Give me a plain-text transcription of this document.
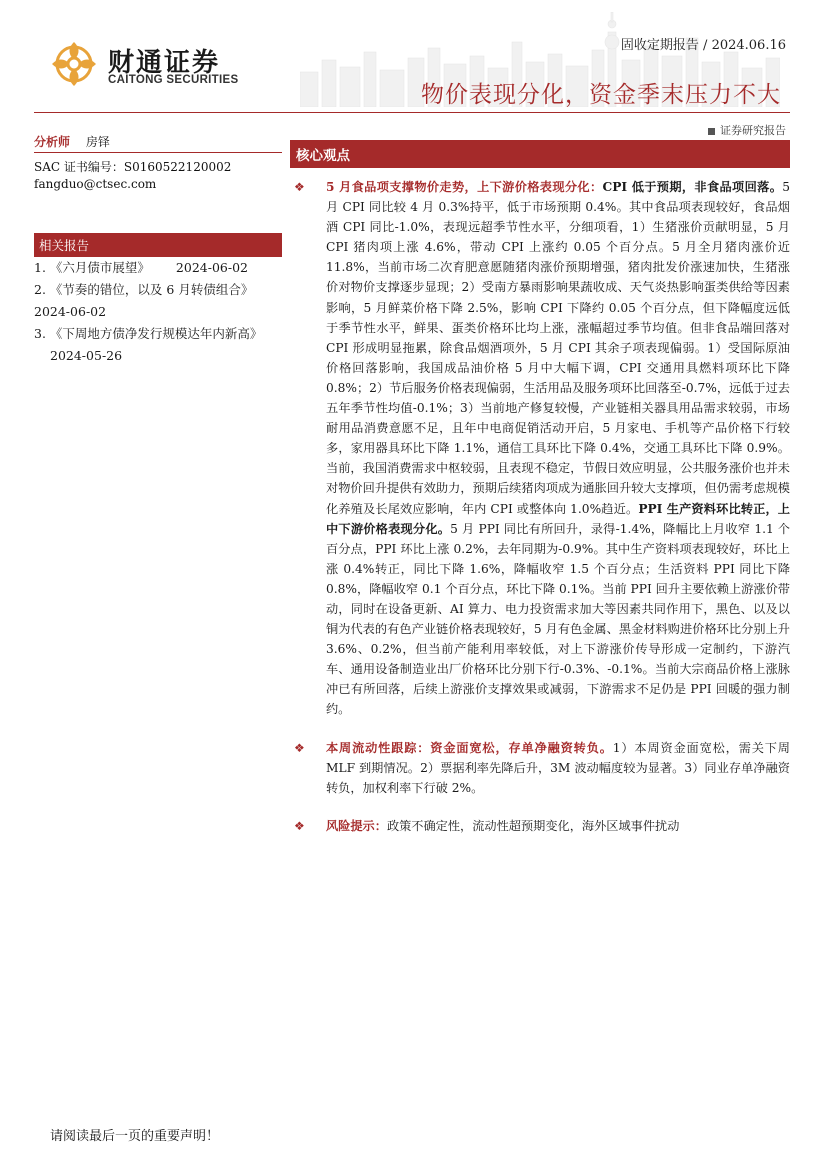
财通证券
CAITONG SECURITIES
固收定期报告 / 2024.06.16
物价表现分化，资金季末压力不大
证券研究报告
分析师 房铎
SAC 证书编号：S0160522120002
fangduo@ctsec.com
相关报告
1. 《六月债市展望》 2024-06-02
2. 《节奏的错位，以及 6 月转债组合》
2024-06-02
3. 《下周地方债净发行规模达年内新高》 2024-05-26
核心观点
❖ 5 月食品项支撑物价走势，上下游价格表现分化：CPI 低于预期，非食品项回落。5 月 CPI 同比较 4 月 0.3%持平，低于市场预期 0.4%。其中食品项表现较好，食品烟酒 CPI 同比-1.0%，表现远超季节性水平，分细项看，1）生猪涨价贡献明显，5 月 CPI 猪肉项上涨 4.6%，带动 CPI 上涨约 0.05 个百分点。5 月全月猪肉涨价近 11.8%，当前市场二次育肥意愿随猪肉涨价预期增强，猪肉批发价涨速加快，生猪涨价对物价支撑逐步显现；2）受南方暴雨影响果蔬收成、天气炎热影响蛋类供给等因素影响，5 月鲜菜价格下降 2.5%，影响 CPI 下降约 0.05 个百分点，但下降幅度远低于季节性水平，鲜果、蛋类价格环比均上涨，涨幅超过季节均值。但非食品端回落对 CPI 形成明显拖累，除食品烟酒项外，5 月 CPI 其余子项表现偏弱。1）受国际原油价格回落影响，我国成品油价格 5 月中大幅下调，CPI 交通用具燃料项环比下降 0.8%；2）节后服务价格表现偏弱，生活用品及服务项环比回落至-0.7%，远低于过去五年季节性均值-0.1%；3）当前地产修复较慢，产业链相关器具用品需求较弱，市场耐用品消费意愿不足，且年中电商促销活动开启，5 月家电、手机等产品价格下行较多，家用器具环比下降 1.1%，通信工具环比下降 0.4%，交通工具环比下降 0.9%。当前，我国消费需求中枢较弱，且表现不稳定，节假日效应明显，公共服务涨价也并未对物价回升提供有效助力，预期后续猪肉项成为通胀回升较大支撑项，但仍需考虑规模化养殖及长尾效应影响，年内 CPI 或整体向 1.0%趋近。PPI 生产资料环比转正，上中下游价格表现分化。5 月 PPI 同比有所回升，录得-1.4%，降幅比上月收窄 1.1 个百分点，PPI 环比上涨 0.2%，去年同期为-0.9%。其中生产资料项表现较好，环比上涨 0.4%转正，同比下降 1.6%，降幅收窄 1.5 个百分点；生活资料 PPI 同比下降 0.8%，降幅收窄 0.1 个百分点，环比下降 0.1%。当前 PPI 回升主要依赖上游涨价带动，同时在设备更新、AI 算力、电力投资需求加大等因素共同作用下，黑色、以及以铜为代表的有色产业链价格表现较好，5 月有色金属、黑金材料购进价格环比分别上升 3.6%、0.2%，但当前产能利用率较低，对上下游涨价传导形成一定制约，下游汽车、通用设备制造业出厂价格环比分别下行-0.3%、-0.1%。当前大宗商品价格上涨脉冲已有所回落，后续上游涨价支撑效果或减弱，下游需求不足仍是 PPI 回暖的强力制约。
❖ 本周流动性跟踪：资金面宽松，存单净融资转负。1）本周资金面宽松，需关下周 MLF 到期情况。2）票据利率先降后升，3M 波动幅度较为显著。3）同业存单净融资转负，加权利率下行破 2%。
❖ 风险提示：政策不确定性，流动性超预期变化，海外区域事件扰动
请阅读最后一页的重要声明！
